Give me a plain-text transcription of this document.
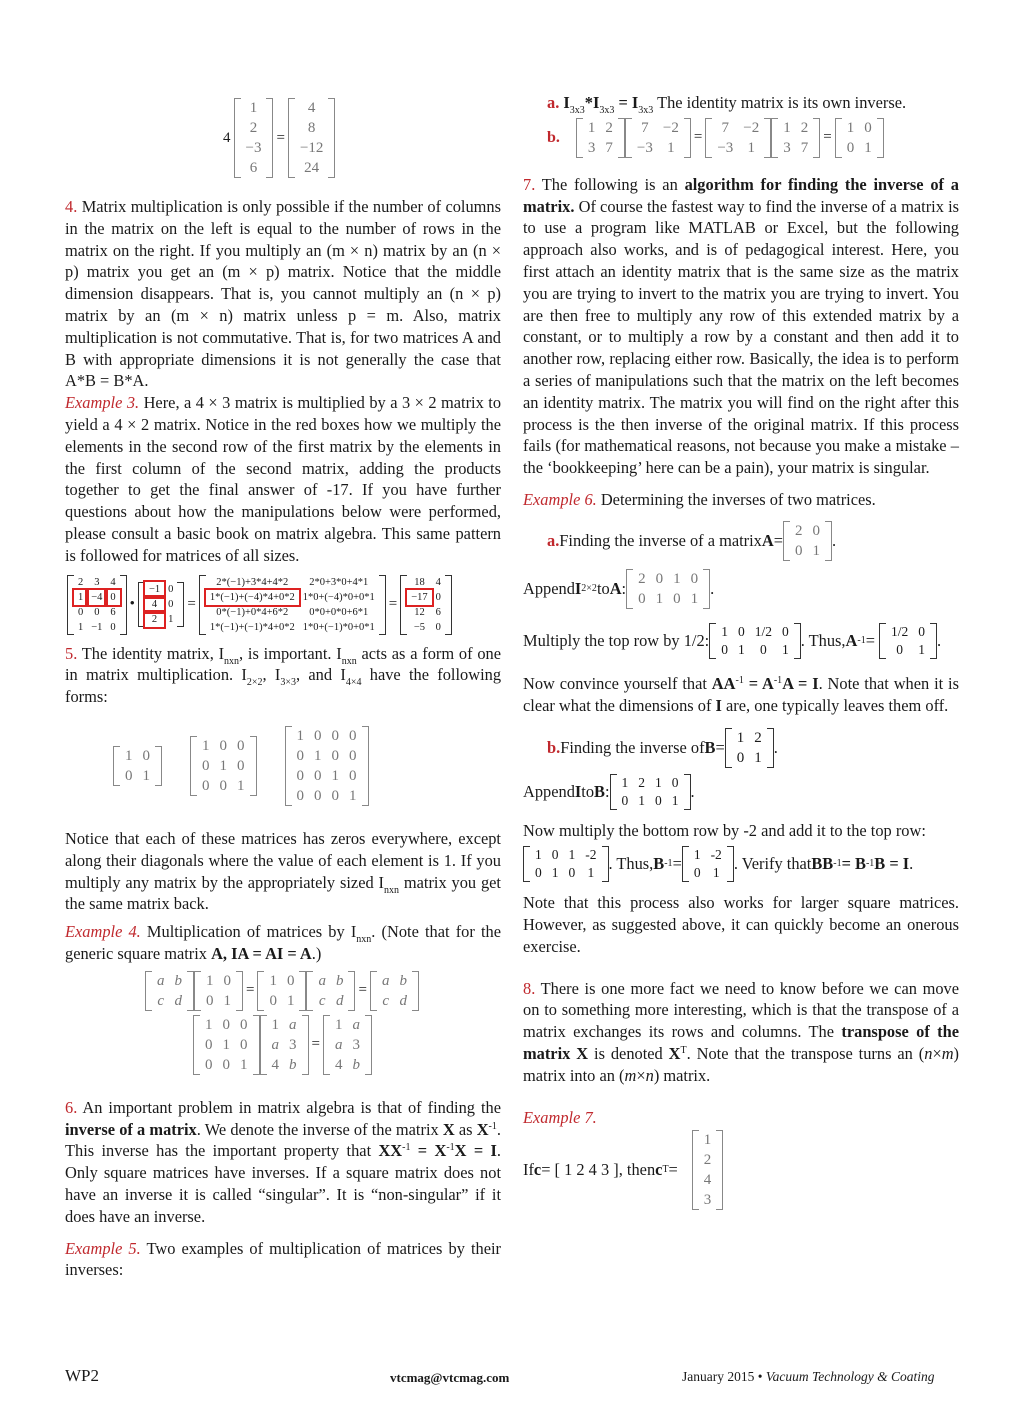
4
1
2
−3
6
=
4
8
−12
24

4. Matrix multiplication is only possible if the number of columns in the matrix on the left is equal to the number of rows in the matrix on the right. If you multiply an (m × n) matrix by an (n × p) matrix you get an (m × p) matrix. Notice that the middle dimension disappears. That is, you cannot multiply an (n × p) matrix by an (m × n) matrix unless p = m. Also, matrix multiplication is not commutative. That is, for two matrices A and B with appropriate dimensions it is not generally the case that A*B = B*A.

Example 3. Here, a 4 × 3 matrix is multiplied by a 3 × 2 matrix to yield a 4 × 2 matrix. Notice in the red boxes how we multiply the elements in the second row of the first matrix by the elements in the first column of the second matrix, adding the products together to get the final answer of -17. If you have further questions about how the manipulations below were performed, please consult a basic book on matrix algebra. This same pattern is followed for matrices of all sizes.

2	3	4
1	−4	0
0	0	6
1	−1	0
•
−1	0
4	0
2	1
=
2*(−1)+3*4+4*2	2*0+3*0+4*1
1*(−1)+(−4)*4+0*2	1*0+(−4)*0+0*1
0*(−1)+0*4+6*2	0*0+0*0+6*1
1*(−1)+(−1)*4+0*2	1*0+(−1)*0+0*1
=
18	4
−17	0
12	6
−5	0

5. The identity matrix, $I_{nxn}$, is important. $I_{nxn}$ acts as a form of one in matrix multiplication. $I_{2\times 2}$, $I_{3\times 3}$, and $I_{4\times 4}$ have the following forms:

1	0
0	1
1	0	0
0	1	0
0	0	1
1	0	0	0
0	1	0	0
0	0	1	0
0	0	0	1

Notice that each of these matrices has zeros everywhere, except along their diagonals where the value of each element is 1. If you multiply any matrix by the appropriately sized $I_{nxn}$ matrix you get the same matrix back.

Example 4. Multiplication of matrices by $I_{nxn}$. (Note that for the generic square matrix A, IA = AI = A.)

a	b
c	d
1	0
0	1
=
1	0
0	1
a	b
c	d
=
a	b
c	d
1	0	0
0	1	0
0	0	1
1	a
a	3
4	b
=
1	a
a	3
4	b

6. An important problem in matrix algebra is that of finding the inverse of a matrix. We denote the inverse of the matrix X as $X^{-1}$. This inverse has the important property that $XX^{-1} = X^{-1}X = I$. Only square matrices have inverses. If a square matrix does not have an inverse it is called “singular”. It is “non-singular” if it does have an inverse.

Example 5. Two examples of multiplication of matrices by their inverses:

a. $I_{3x3}*I_{3x3} = I_{3x3}$ The identity matrix is its own inverse.

b.
1	2
3	7
7	−2
−3	1
=
7	−2
−3	1
1	2
3	7
=
1	0
0	1

7. The following is an algorithm for finding the inverse of a matrix. Of course the fastest way to find the inverse of a matrix is to use a program like MATLAB or Excel, but the following approach also works, and is of pedagogical interest. Here, you first attach an identity matrix that is the same size as the matrix you are trying to invert to the matrix you are trying to invert. You are then free to multiply any row of this extended matrix by a constant, or to multiply a row by a constant and then add it to another row, replacing either row. Basically, the idea is to perform a series of manipulations such that the matrix on the left becomes an identity matrix. The matrix you will find on the right after this process is the then inverse of the original matrix. If this process fails (for mathematical reasons, not because you make a mistake – the ‘bookkeeping’ here can be a pain), your matrix is singular.

Example 6. Determining the inverses of two matrices.

a. Finding the inverse of a matrix A =
2	0
0	1
.
Append I 2×2 to A :
2	0	1	0
0	1	0	1
.
Multiply the top row by 1/2: 1	0	1/2	0
0	1	0	1 . Thus, A -1 = 1/2	0
0	1 .

Now convince yourself that $AA^{-1} = A^{-1}A = I$. Note that when it is clear what the dimensions of I are, one typically leaves them off.

b. Finding the inverse of B =
1	2
0	1
.
Append I to B : 1	2	1	0
0	1	0	1 .

Now multiply the bottom row by -2 and add it to the top row:

1	0	1	-2
0	1	0	1 . Thus, B -1 = 1	-2
0	1 . Verify that BB -1 = B -1 B = I .

Note that this process also works for larger square matrices. However, as suggested above, it can quickly become an onerous exercise.

8. There is one more fact we need to know before we can move on to something more interesting, which is that the transpose of a matrix exchanges its rows and columns. The transpose of the matrix X is denoted $X^T$. Note that the transpose turns an (n×m) matrix into an (m×n) matrix.

Example 7.

If c = [ 1 2 4 3 ], then c T =
1
2
4
3
WP2	vtcmag@vtcmag.com	January 2015 • Vacuum Technology & Coating
